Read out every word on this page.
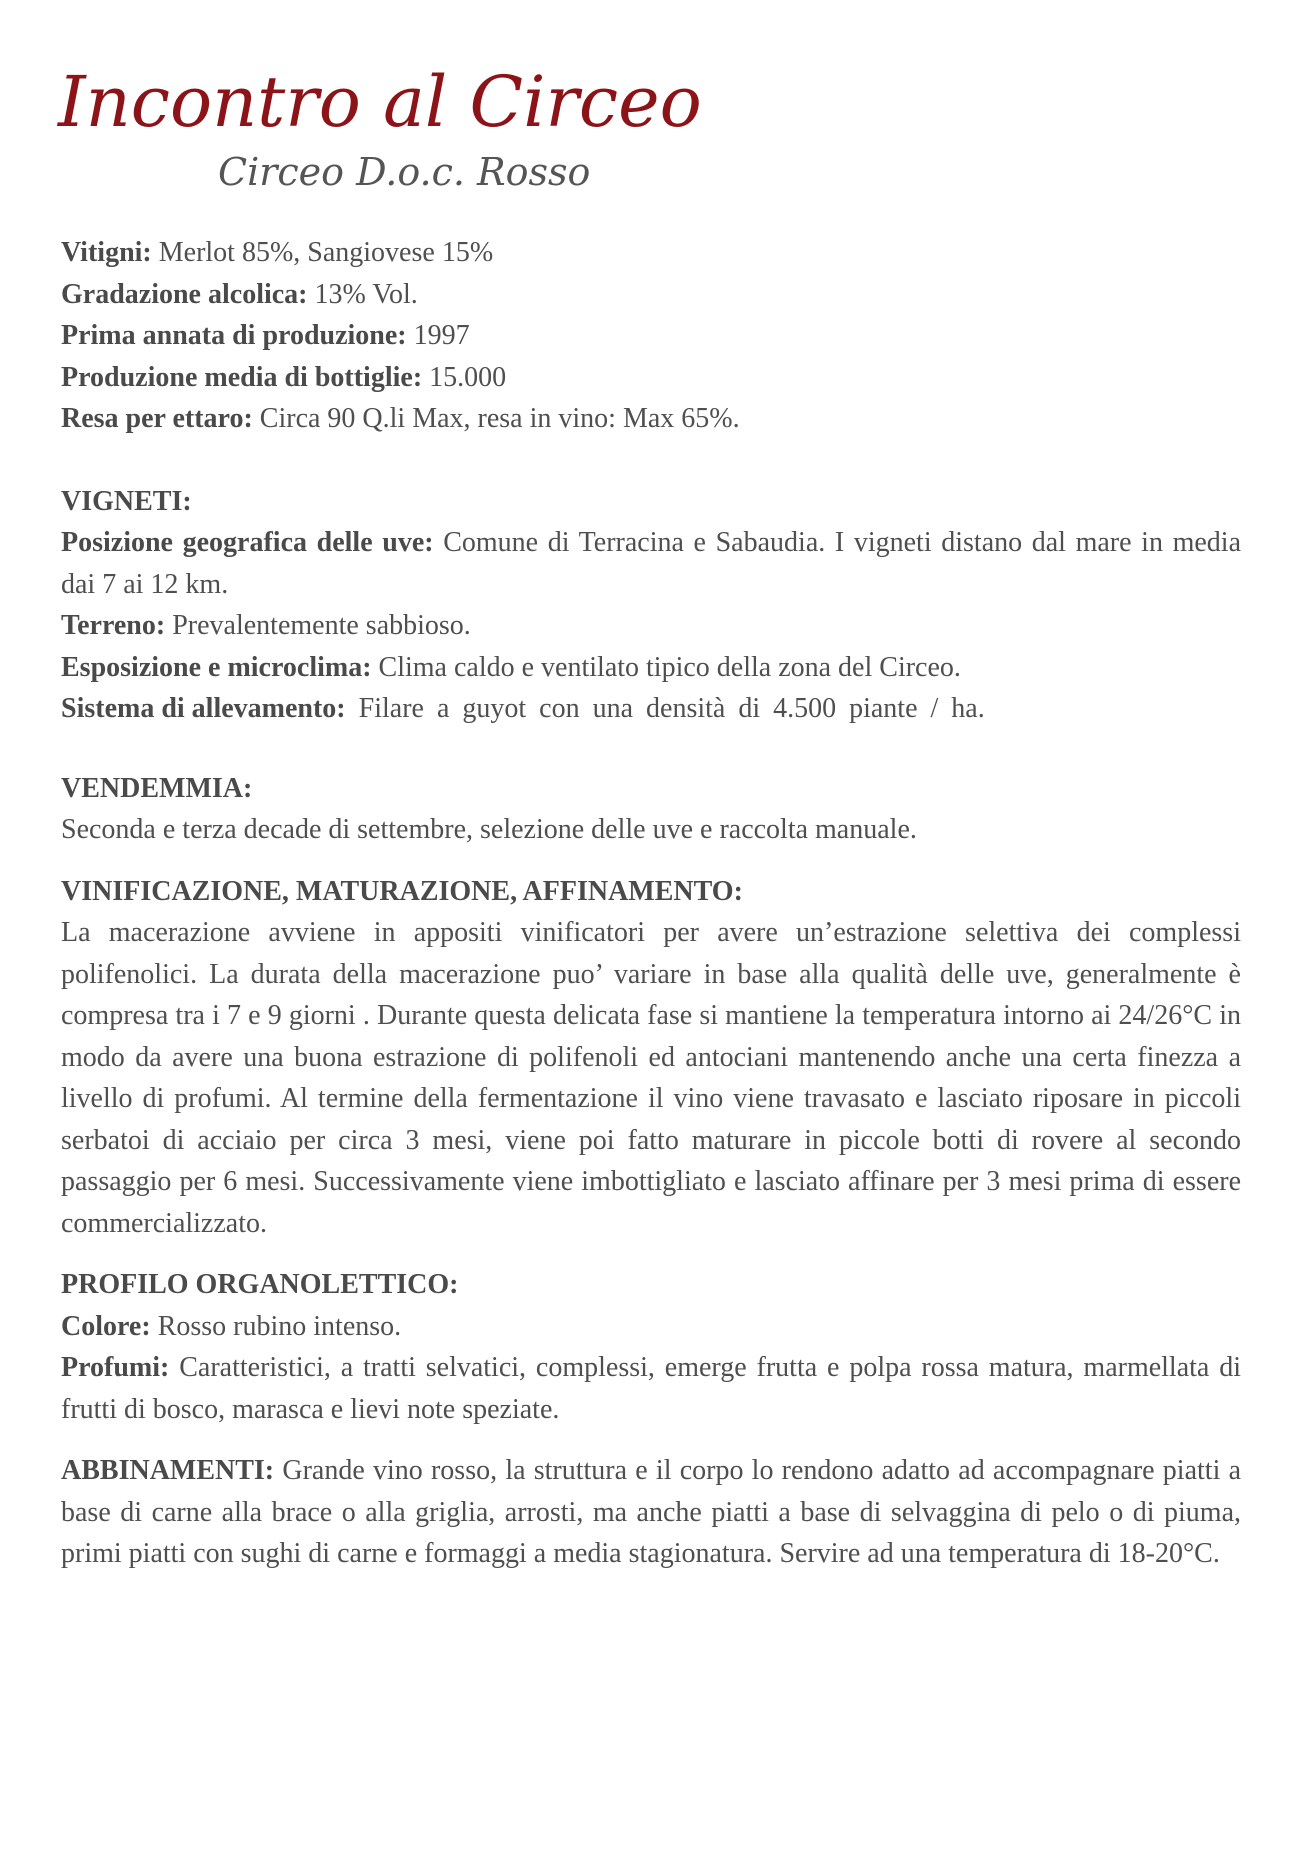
Incontro al Circeo
Circeo D.o.c. Rosso

Vitigni: Merlot 85%, Sangiovese 15%

Gradazione alcolica: 13% Vol.

Prima annata di produzione: 1997

Produzione media di bottiglie: 15.000

Resa per ettaro: Circa 90 Q.li Max, resa in vino: Max 65%.

VIGNETI:

Posizione geografica delle uve: Comune di Terracina e Sabaudia. I vigneti distano dal mare in media dai 7 ai 12 km.

Terreno: Prevalentemente sabbioso.

Esposizione e microclima: Clima caldo e ventilato tipico della zona del Circeo.

Sistema di allevamento: Filare a guyot con una densità di 4.500 piante / ha.

VENDEMMIA:

Seconda e terza decade di settembre, selezione delle uve e raccolta manuale.

VINIFICAZIONE, MATURAZIONE, AFFINAMENTO:

La macerazione avviene in appositi vinificatori per avere un’estrazione selettiva dei complessi polifenolici. La durata della macerazione puo’ variare in base alla qualità delle uve, generalmente è compresa tra i 7 e 9 giorni . Durante questa delicata fase si mantiene la temperatura intorno ai 24/26°C in modo da avere una buona estrazione di polifenoli ed antociani mantenendo anche una certa finezza a livello di profumi. Al termine della fermentazione il vino viene travasato e lasciato riposare in piccoli serbatoi di acciaio per circa 3 mesi, viene poi fatto maturare in piccole botti di rovere al secondo passaggio per 6 mesi. Successivamente viene imbottigliato e lasciato affinare per 3 mesi prima di essere commercializzato.

PROFILO ORGANOLETTICO:

Colore: Rosso rubino intenso.

Profumi: Caratteristici, a tratti selvatici, complessi, emerge frutta e polpa rossa matura, marmellata di frutti di bosco, marasca e lievi note speziate.

ABBINAMENTI: Grande vino rosso, la struttura e il corpo lo rendono adatto ad accompagnare piatti a base di carne alla brace o alla griglia, arrosti, ma anche piatti a base di selvaggina di pelo o di piuma, primi piatti con sughi di carne e formaggi a media stagionatura. Servire ad una temperatura di 18-20°C.
